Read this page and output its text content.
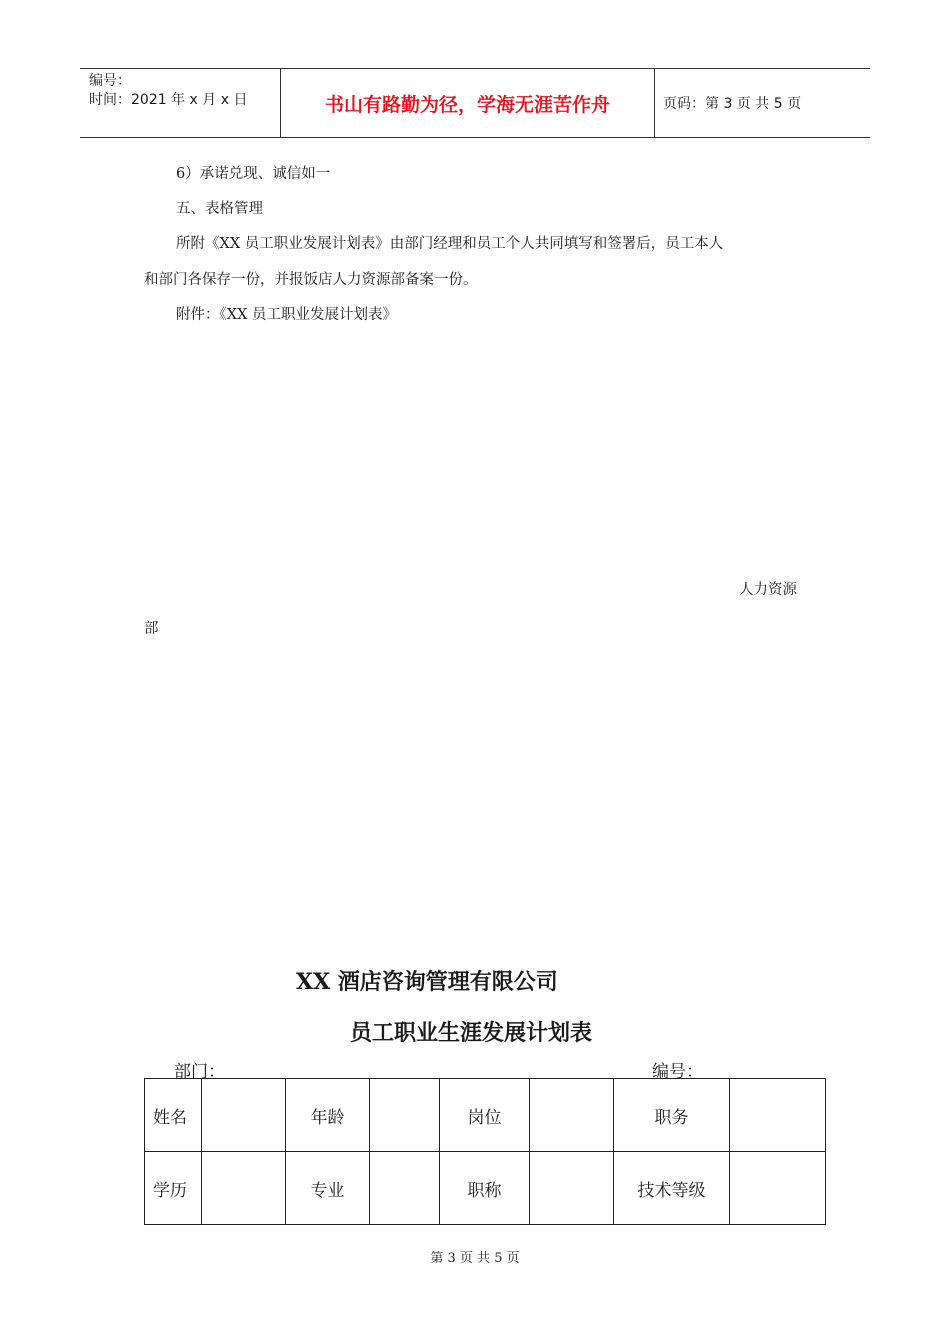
编号：
时间：2021 年 x 月 x 日	书山有路勤为径，学海无涯苦作舟	页码：第 3 页 共 5 页
6）承诺兑现、诚信如一
五、表格管理
所附《XX 员工职业发展计划表》由部门经理和员工个人共同填写和签署后，员工本人
和部门各保存一份，并报饭店人力资源部备案一份。
附件：《XX 员工职业发展计划表》
人力资源
部
XX 酒店咨询管理有限公司
员工职业生涯发展计划表
部门：	编号：
姓名		年龄		岗位		职务	
学历		专业		职称		技术等级	
第 3 页 共 5 页
